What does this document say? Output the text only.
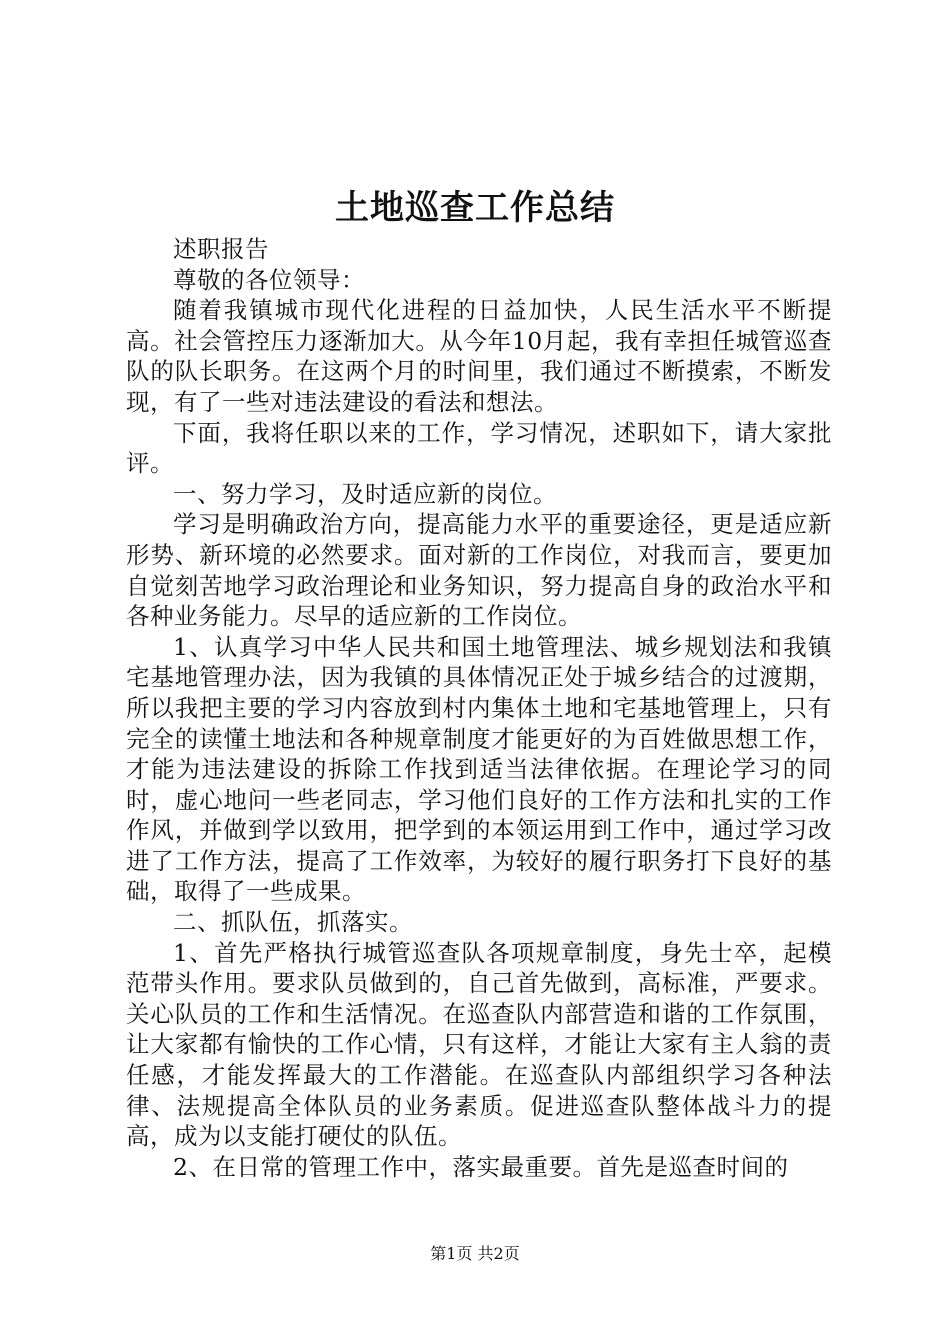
土地巡查工作总结

述职报告

尊敬的各位领导：

随着我镇城市现代化进程的日益加快，人民生活水平不断提高。社会管控压力逐渐加大。从今年10月起，我有幸担任城管巡查队的队长职务。在这两个月的时间里，我们通过不断摸索，不断发现，有了一些对违法建设的看法和想法。

下面，我将任职以来的工作，学习情况，述职如下，请大家批评。

一、努力学习，及时适应新的岗位。

学习是明确政治方向，提高能力水平的重要途径，更是适应新形势、新环境的必然要求。面对新的工作岗位，对我而言，要更加自觉刻苦地学习政治理论和业务知识，努力提高自身的政治水平和各种业务能力。尽早的适应新的工作岗位。

1、认真学习中华人民共和国土地管理法、城乡规划法和我镇宅基地管理办法，因为我镇的具体情况正处于城乡结合的过渡期，所以我把主要的学习内容放到村内集体土地和宅基地管理上，只有完全的读懂土地法和各种规章制度才能更好的为百姓做思想工作，才能为违法建设的拆除工作找到适当法律依据。在理论学习的同时，虚心地问一些老同志，学习他们良好的工作方法和扎实的工作作风，并做到学以致用，把学到的本领运用到工作中，通过学习改进了工作方法，提高了工作效率，为较好的履行职务打下良好的基础，取得了一些成果。

二、抓队伍，抓落实。

1、首先严格执行城管巡查队各项规章制度，身先士卒，起模范带头作用。要求队员做到的，自己首先做到，高标准，严要求。关心队员的工作和生活情况。在巡查队内部营造和谐的工作氛围，让大家都有愉快的工作心情，只有这样，才能让大家有主人翁的责任感，才能发挥最大的工作潜能。在巡查队内部组织学习各种法律、法规提高全体队员的业务素质。促进巡查队整体战斗力的提高，成为以支能打硬仗的队伍。

2、在日常的管理工作中，落实最重要。首先是巡查时间的

第1页 共2页
